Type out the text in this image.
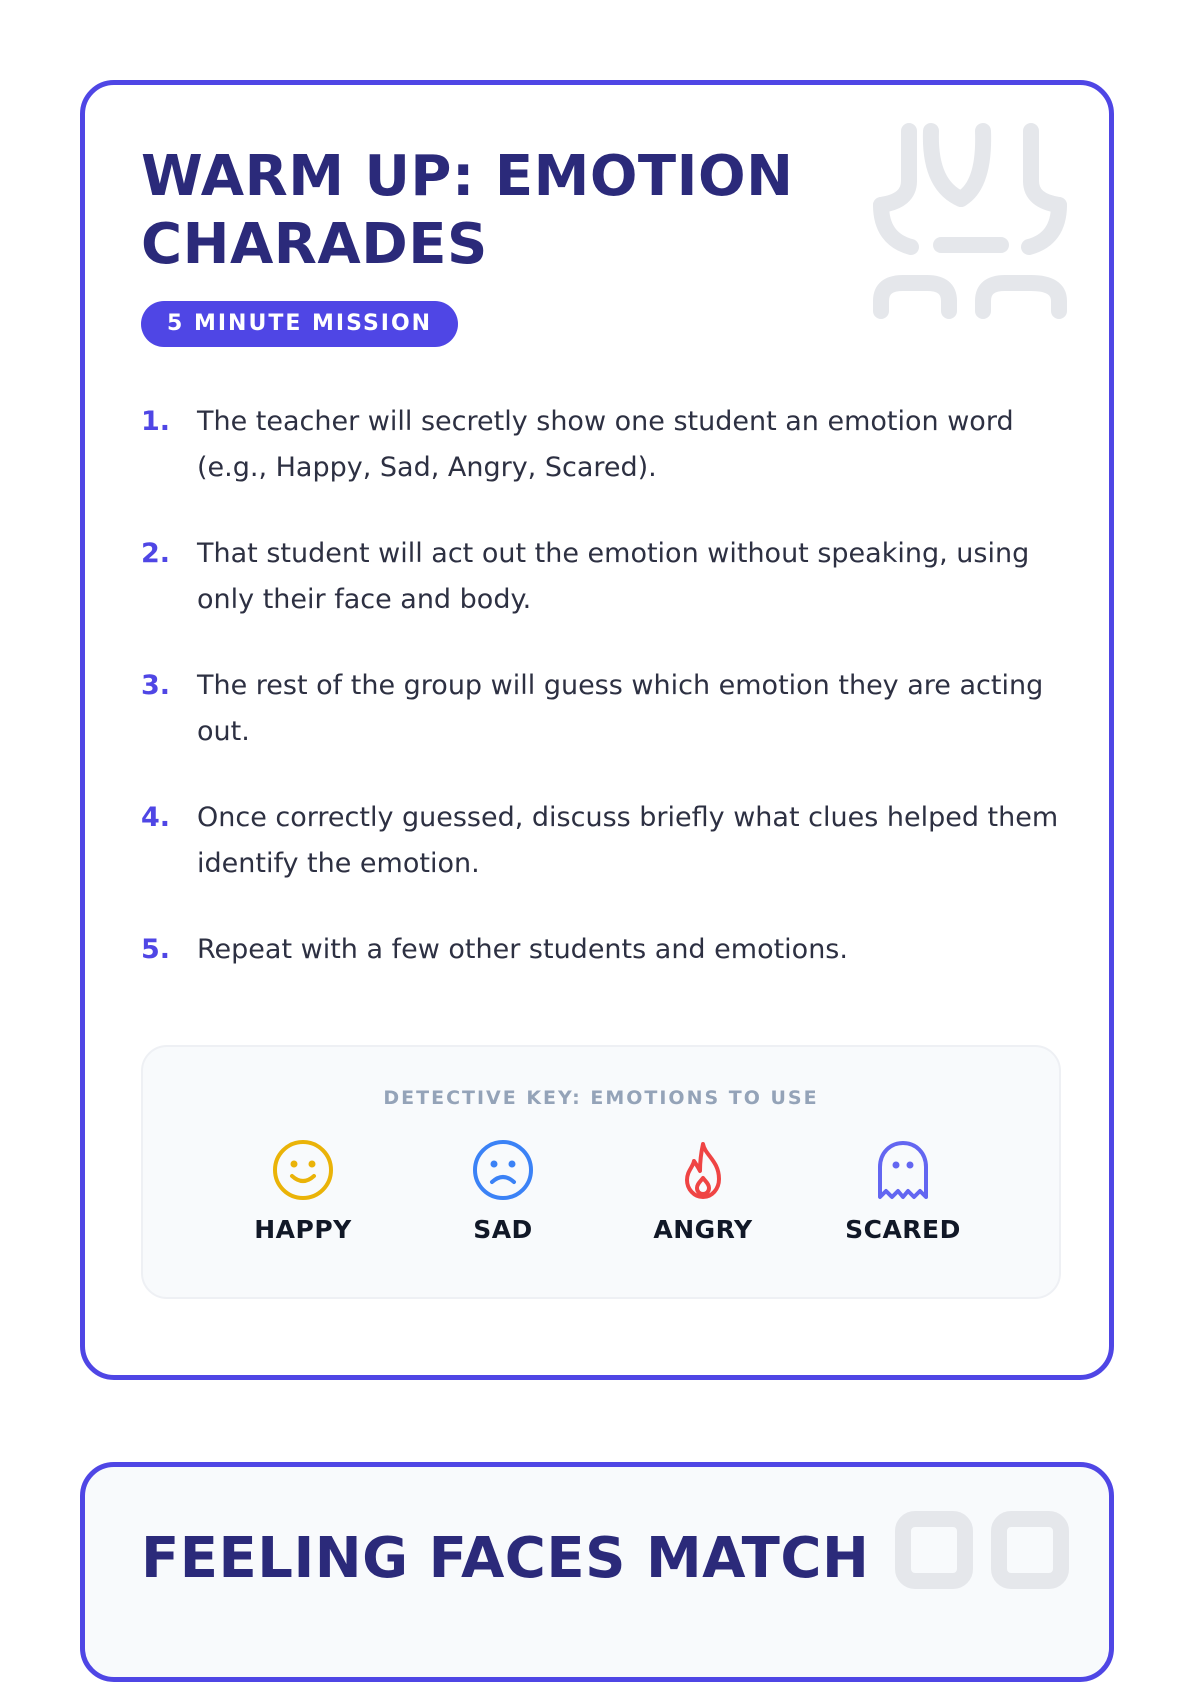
WARM UP: EMOTION CHARADES
5 MINUTE MISSION
1. The teacher will secretly show one student an emotion word (e.g., Happy, Sad, Angry, Scared).
2. That student will act out the emotion without speaking, using only their face and body.
3. The rest of the group will guess which emotion they are acting out.
4. Once correctly guessed, discuss briefly what clues helped them identify the emotion.
5. Repeat with a few other students and emotions.
DETECTIVE KEY: EMOTIONS TO USE
HAPPY	SAD	ANGRY	SCARED
FEELING FACES MATCH
